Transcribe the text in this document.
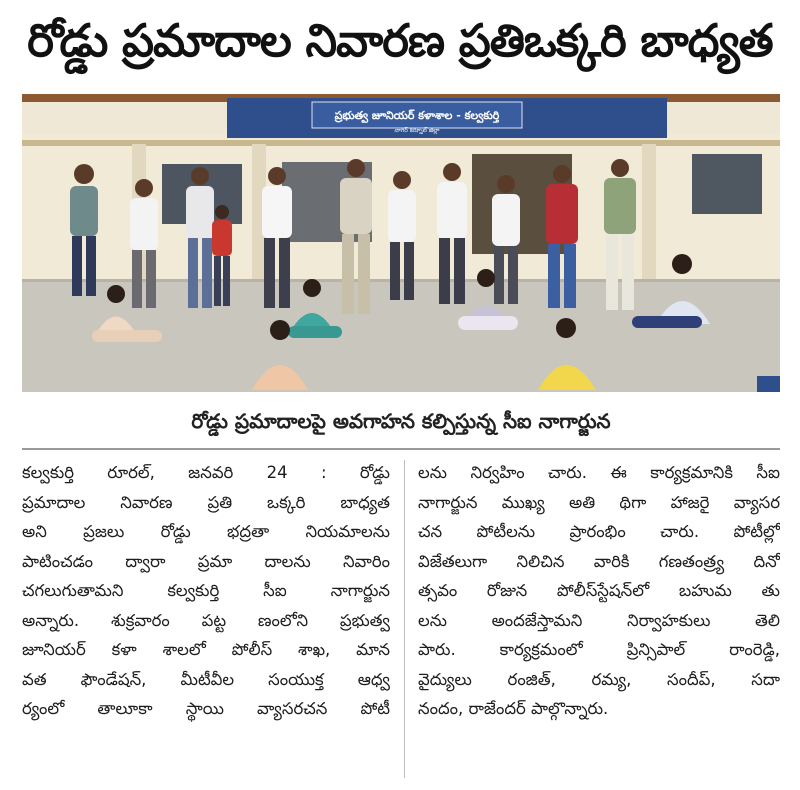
రోడ్డు ప్రమాదాల నివారణ ప్రతిఒక్కరి బాధ్యత
ప్రభుత్వ జూనియర్ కళాశాల - కల్వకుర్తి
నాగర్ కర్నూల్ జిల్లా
రోడ్డు ప్రమాదాలపై అవగాహన కల్పిస్తున్న సీఐ నాగార్జున
కల్వకుర్తి రూరల్, జనవరి 24 : రోడ్డు
ప్రమాదాల నివారణ ప్రతి ఒక్కరి బాధ్యత
అని ప్రజలు రోడ్డు భద్రతా నియమాలను
పాటించడం ద్వారా ప్రమా దాలను నివారిం
చగలుగుతామని కల్వకుర్తి సీఐ నాగార్జున
అన్నారు. శుక్రవారం పట్ట ణంలోని ప్రభుత్వ
జూనియర్ కళా శాలలో పోలీస్ శాఖ, మాన
వత ఫౌండేషన్, మీటీవీల సంయుక్త ఆధ్వ
ర్యంలో తాలూకా స్థాయి వ్యాసరచన పోటీ
లను నిర్వహిం చారు. ఈ కార్యక్రమానికి సీఐ
నాగార్జున ముఖ్య అతి థిగా హాజరై వ్యాసర
చన పోటీలను ప్రారంభిం చారు. పోటీల్లో
విజేతలుగా నిలిచిన వారికి గణతంత్ర్య దినో
త్సవం రోజున పోలీస్‌స్టేషన్‌లో బహుమ తు
లను అందజేస్తామని నిర్వాహకులు తెలి
పారు. కార్యక్రమంలో ప్రిన్సిపాల్ రాంరెడ్డి,
వైద్యులు రంజిత్, రమ్య, సందీప్, సదా
నందం, రాజేందర్ పాల్గొన్నారు.
